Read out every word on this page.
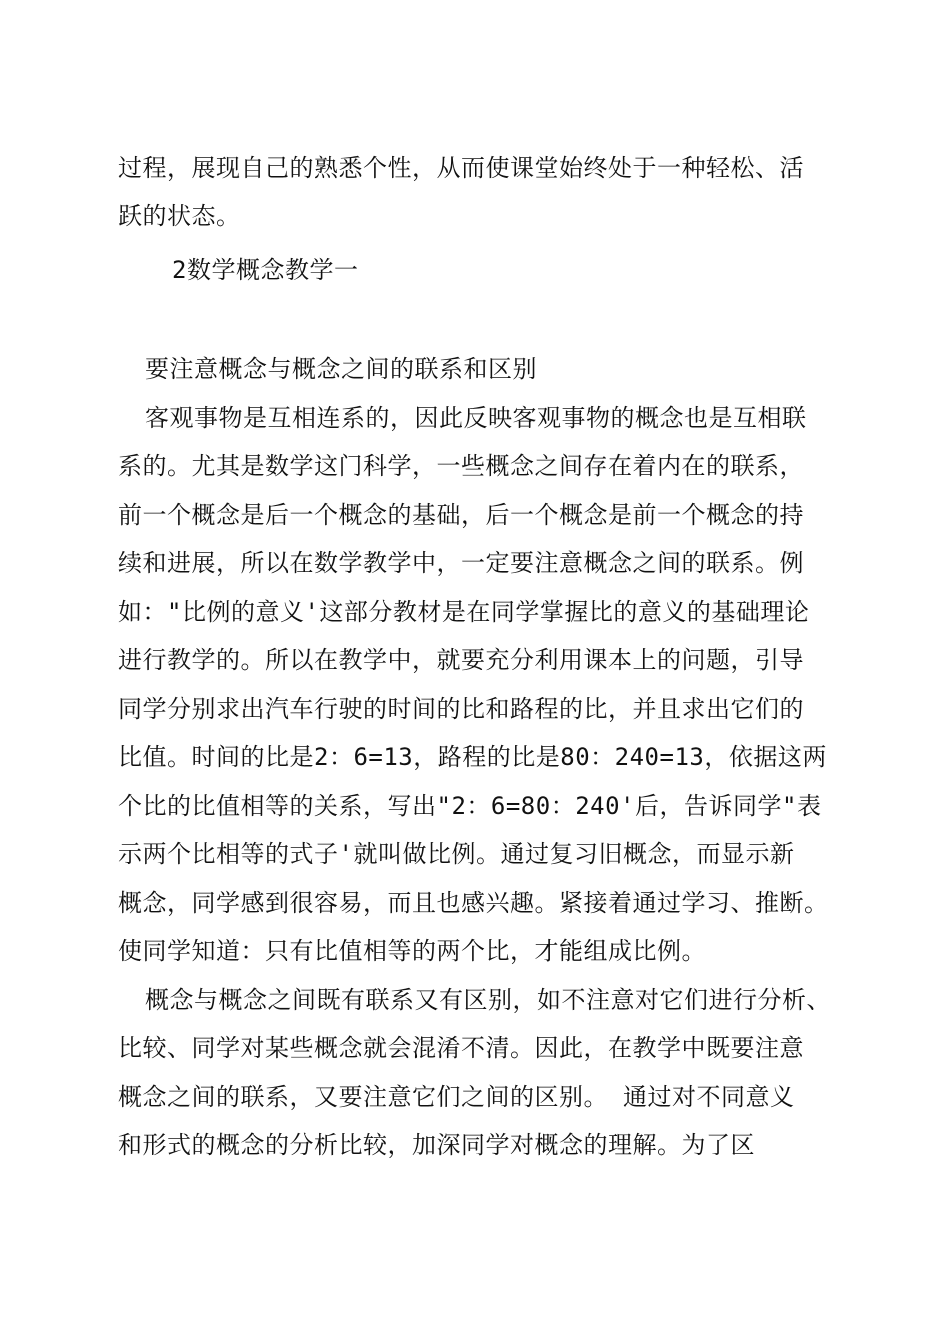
过程，展现自己的熟悉个性，从而使课堂始终处于一种轻松、活
跃的状态。
2数学概念教学一
要注意概念与概念之间的联系和区别
客观事物是互相连系的，因此反映客观事物的概念也是互相联
系的。尤其是数学这门科学，一些概念之间存在着内在的联系，
前一个概念是后一个概念的基础，后一个概念是前一个概念的持
续和进展，所以在数学教学中，一定要注意概念之间的联系。例
如："比例的意义'这部分教材是在同学掌握比的意义的基础理论
进行教学的。所以在教学中，就要充分利用课本上的问题，引导
同学分别求出汽车行驶的时间的比和路程的比，并且求出它们的
比值。时间的比是2：6=13，路程的比是80：240=13，依据这两
个比的比值相等的关系，写出"2：6=80：240'后，告诉同学"表
示两个比相等的式子'就叫做比例。通过复习旧概念，而显示新
概念，同学感到很容易，而且也感兴趣。紧接着通过学习、推断。
使同学知道：只有比值相等的两个比，才能组成比例。
概念与概念之间既有联系又有区别，如不注意对它们进行分析、
比较、同学对某些概念就会混淆不清。因此，在教学中既要注意
概念之间的联系，又要注意它们之间的区别。 通过对不同意义
和形式的概念的分析比较，加深同学对概念的理解。为了区
